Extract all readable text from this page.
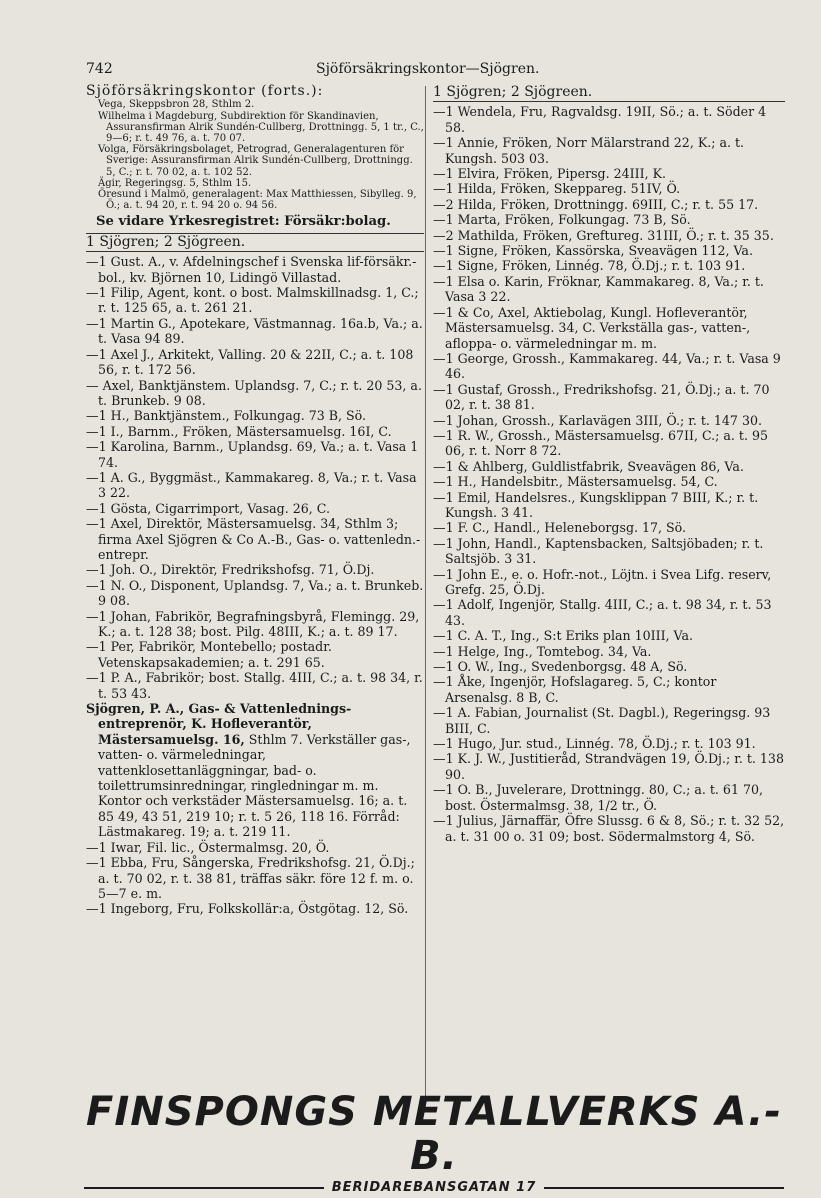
742	Sjöförsäkringskontor—Sjögren.

Sjöförsäkringskontor (forts.):

Vega, Skeppsbron 28, Sthlm 2.

Wilhelma i Magdeburg, Subdirektion för Skandinavien, Assuransfirman Alrik Sundén-Cullberg, Drottningg. 5, 1 tr., C., 9—6; r. t. 49 76, a. t. 70 07.

Volga, Försäkringsbolaget, Petrograd, Generalagenturen för Sverige: Assuransfirman Alrik Sundén-Cullberg, Drottningg. 5, C.; r. t. 70 02, a. t. 102 52.

Ägir, Regeringsg. 5, Sthlm 15.

Öresund i Malmö, generalagent: Max Matthiessen, Sibylleg. 9, Ö.; a. t. 94 20, r. t. 94 20 o. 94 56.

Se vidare Yrkesregistret: Försäkr:bolag.

1 Sjögren; 2 Sjögreen.

—1 Gust. A., v. Afdelningschef i Svenska lif-försäkr.-bol., kv. Björnen 10, Lidingö Villastad.

—1 Filip, Agent, kont. o bost. Malmskillnadsg. 1, C.; r. t. 125 65, a. t. 261 21.

—1 Martin G., Apotekare, Västmannag. 16a.b, Va.; a. t. Vasa 94 89.

—1 Axel J., Arkitekt, Valling. 20 & 22II, C.; a. t. 108 56, r. t. 172 56.

— Axel, Banktjänstem. Uplandsg. 7, C.; r. t. 20 53, a. t. Brunkeb. 9 08.

—1 H., Banktjänstem., Folkungag. 73 B, Sö.

—1 I., Barnm., Fröken, Mästersamuelsg. 16I, C.

—1 Karolina, Barnm., Uplandsg. 69, Va.; a. t. Vasa 1 74.

—1 A. G., Byggmäst., Kammakareg. 8, Va.; r. t. Vasa 3 22.

—1 Gösta, Cigarrimport, Vasag. 26, C.

—1 Axel, Direktör, Mästersamuelsg. 34, Sthlm 3; firma Axel Sjögren & Co A.-B., Gas- o. vattenledn.-entrepr.

—1 Joh. O., Direktör, Fredrikshofsg. 71, Ö.Dj.

—1 N. O., Disponent, Uplandsg. 7, Va.; a. t. Brunkeb. 9 08.

—1 Johan, Fabrikör, Begrafningsbyrå, Flemingg. 29, K.; a. t. 128 38; bost. Pilg. 48III, K.; a. t. 89 17.

—1 Per, Fabrikör, Montebello; postadr. Vetenskapsakademien; a. t. 291 65.

—1 P. A., Fabrikör; bost. Stallg. 4III, C.; a. t. 98 34, r. t. 53 43.

Sjögren, P. A., Gas- & Vattenlednings-entreprenör, K. Hofleverantör, Mästersamuelsg. 16, Sthlm 7. Verkställer gas-, vatten- o. värmeledningar, vattenklosettanläggningar, bad- o. toilettrumsinredningar, ringledningar m. m. Kontor och verkstäder Mästersamuelsg. 16; a. t. 85 49, 43 51, 219 10; r. t. 5 26, 118 16. Förråd: Lästmakareg. 19; a. t. 219 11.

—1 Iwar, Fil. lic., Östermalmsg. 20, Ö.

—1 Ebba, Fru, Sångerska, Fredrikshofsg. 21, Ö.Dj.; a. t. 70 02, r. t. 38 81, träffas säkr. före 12 f. m. o. 5—7 e. m.

—1 Ingeborg, Fru, Folkskollär:a, Östgötag. 12, Sö.

1 Sjögren; 2 Sjögreen.

—1 Wendela, Fru, Ragvaldsg. 19II, Sö.; a. t. Söder 4 58.

—1 Annie, Fröken, Norr Mälarstrand 22, K.; a. t. Kungsh. 503 03.

—1 Elvira, Fröken, Pipersg. 24III, K.

—1 Hilda, Fröken, Skeppareg. 51IV, Ö.

—2 Hilda, Fröken, Drottningg. 69III, C.; r. t. 55 17.

—1 Marta, Fröken, Folkungag. 73 B, Sö.

—2 Mathilda, Fröken, Greftureg. 31III, Ö.; r. t. 35 35.

—1 Signe, Fröken, Kassörska, Sveavägen 112, Va.

—1 Signe, Fröken, Linnég. 78, Ö.Dj.; r. t. 103 91.

—1 Elsa o. Karin, Fröknar, Kammakareg. 8, Va.; r. t. Vasa 3 22.

—1 & Co, Axel, Aktiebolag, Kungl. Hofleverantör, Mästersamuelsg. 34, C. Verkställa gas-, vatten-, afloppa- o. värmeledningar m. m.

—1 George, Grossh., Kammakareg. 44, Va.; r. t. Vasa 9 46.

—1 Gustaf, Grossh., Fredrikshofsg. 21, Ö.Dj.; a. t. 70 02, r. t. 38 81.

—1 Johan, Grossh., Karlavägen 3III, Ö.; r. t. 147 30.

—1 R. W., Grossh., Mästersamuelsg. 67II, C.; a. t. 95 06, r. t. Norr 8 72.

—1 & Ahlberg, Guldlistfabrik, Sveavägen 86, Va.

—1 H., Handelsbitr., Mästersamuelsg. 54, C.

—1 Emil, Handelsres., Kungsklippan 7 BIII, K.; r. t. Kungsh. 3 41.

—1 F. C., Handl., Heleneborgsg. 17, Sö.

—1 John, Handl., Kaptensbacken, Saltsjöbaden; r. t. Saltsjöb. 3 31.

—1 John E., e. o. Hofr.-not., Löjtn. i Svea Lifg. reserv, Grefg. 25, Ö.Dj.

—1 Adolf, Ingenjör, Stallg. 4III, C.; a. t. 98 34, r. t. 53 43.

—1 C. A. T., Ing., S:t Eriks plan 10III, Va.

—1 Helge, Ing., Tomtebog. 34, Va.

—1 O. W., Ing., Svedenborgsg. 48 A, Sö.

—1 Åke, Ingenjör, Hofslagareg. 5, C.; kontor Arsenalsg. 8 B, C.

—1 A. Fabian, Journalist (St. Dagbl.), Regeringsg. 93 BIII, C.

—1 Hugo, Jur. stud., Linnég. 78, Ö.Dj.; r. t. 103 91.

—1 K. J. W., Justitieråd, Strandvägen 19, Ö.Dj.; r. t. 138 90.

—1 O. B., Juvelerare, Drottningg. 80, C.; a. t. 61 70, bost. Östermalmsg. 38, 1/2 tr., Ö.

—1 Julius, Järnaffär, Öfre Slussg. 6 & 8, Sö.; r. t. 32 52, a. t. 31 00 o. 31 09; bost. Södermalmstorg 4, Sö.

FINSPONGS METALLVERKS A.-B.
BERIDAREBANSGATAN 17
